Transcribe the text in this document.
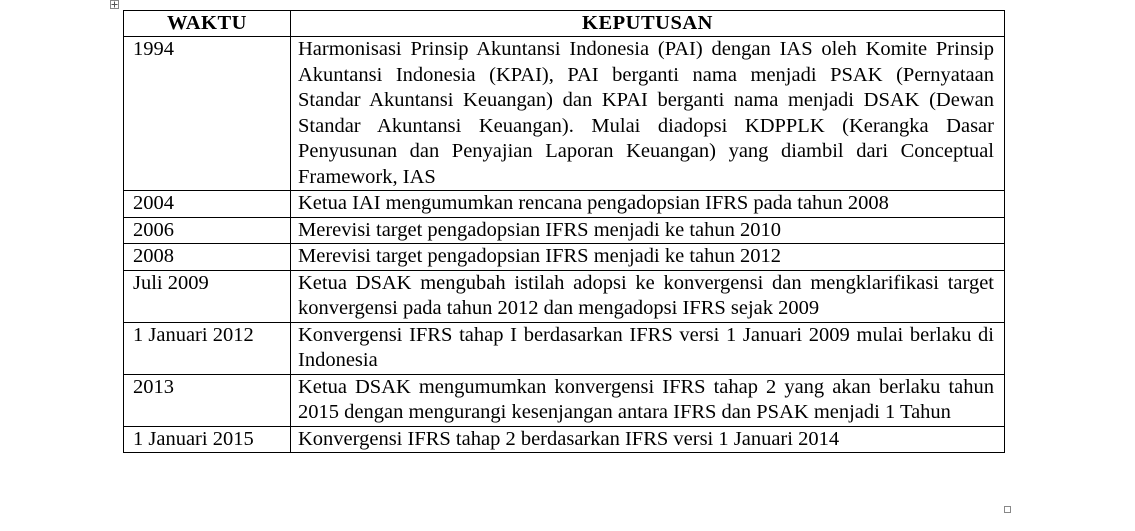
WAKTU	KEPUTUSAN
1994	Harmonisasi Prinsip Akuntansi Indonesia (PAI) dengan IAS oleh Komite Prinsip Akuntansi Indonesia (KPAI), PAI berganti nama menjadi PSAK (Pernyataan Standar Akuntansi Keuangan) dan KPAI berganti nama menjadi DSAK (Dewan Standar Akuntansi Keuangan). Mulai diadopsi KDPPLK (Kerangka Dasar Penyusunan dan Penyajian Laporan Keuangan) yang diambil dari Conceptual Framework, IAS
2004	Ketua IAI mengumumkan rencana pengadopsian IFRS pada tahun 2008
2006	Merevisi target pengadopsian IFRS menjadi ke tahun 2010
2008	Merevisi target pengadopsian IFRS menjadi ke tahun 2012
Juli 2009	Ketua DSAK mengubah istilah adopsi ke konvergensi dan mengklarifikasi target konvergensi pada tahun 2012 dan mengadopsi IFRS sejak 2009
1 Januari 2012	Konvergensi IFRS tahap I berdasarkan IFRS versi 1 Januari 2009 mulai berlaku di Indonesia
2013	Ketua DSAK mengumumkan konvergensi IFRS tahap 2 yang akan berlaku tahun 2015 dengan mengurangi kesenjangan antara IFRS dan PSAK menjadi 1 Tahun
1 Januari 2015	Konvergensi IFRS tahap 2 berdasarkan IFRS versi 1 Januari 2014
